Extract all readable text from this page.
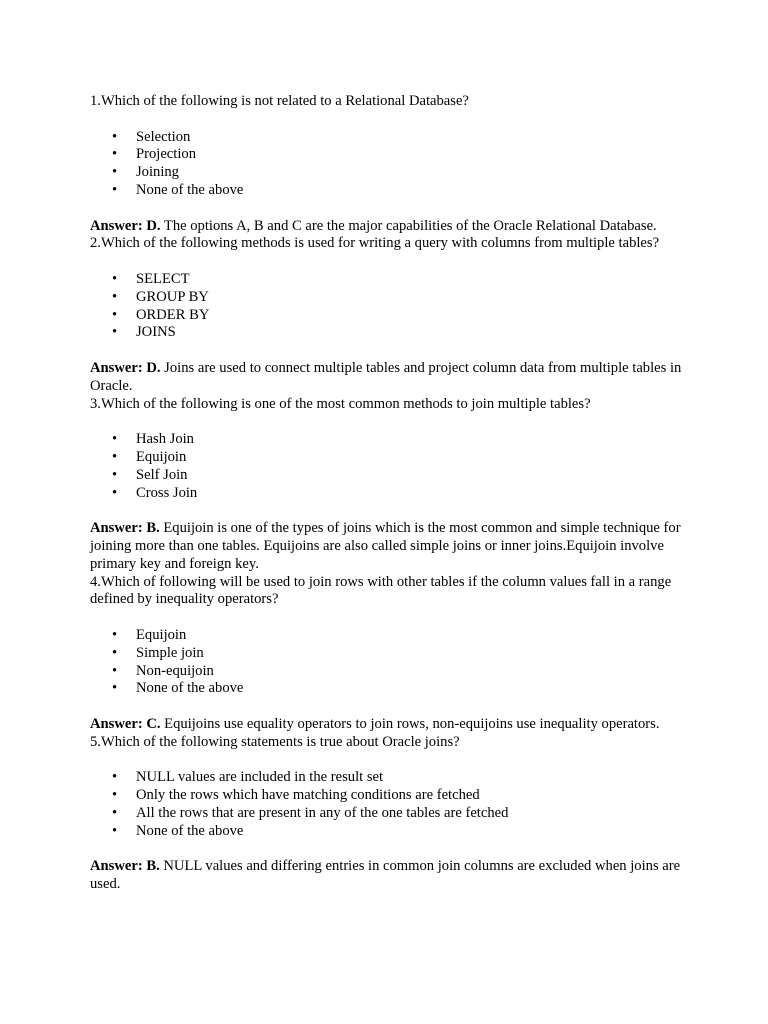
1.Which of the following is not related to a Relational Database?

• Selection
• Projection
• Joining
• None of the above

Answer: D. The options A, B and C are the major capabilities of the Oracle Relational Database.

2.Which of the following methods is used for writing a query with columns from multiple tables?

• SELECT
• GROUP BY
• ORDER BY
• JOINS

Answer: D. Joins are used to connect multiple tables and project column data from multiple tables in Oracle.

3.Which of the following is one of the most common methods to join multiple tables?

• Hash Join
• Equijoin
• Self Join
• Cross Join

Answer: B. Equijoin is one of the types of joins which is the most common and simple technique for joining more than one tables. Equijoins are also called simple joins or inner joins.Equijoin involve primary key and foreign key.

4.Which of following will be used to join rows with other tables if the column values fall in a range defined by inequality operators?

• Equijoin
• Simple join
• Non-equijoin
• None of the above

Answer: C. Equijoins use equality operators to join rows, non-equijoins use inequality operators.

5.Which of the following statements is true about Oracle joins?

• NULL values are included in the result set
• Only the rows which have matching conditions are fetched
• All the rows that are present in any of the one tables are fetched
• None of the above

Answer: B. NULL values and differing entries in common join columns are excluded when joins are used.
